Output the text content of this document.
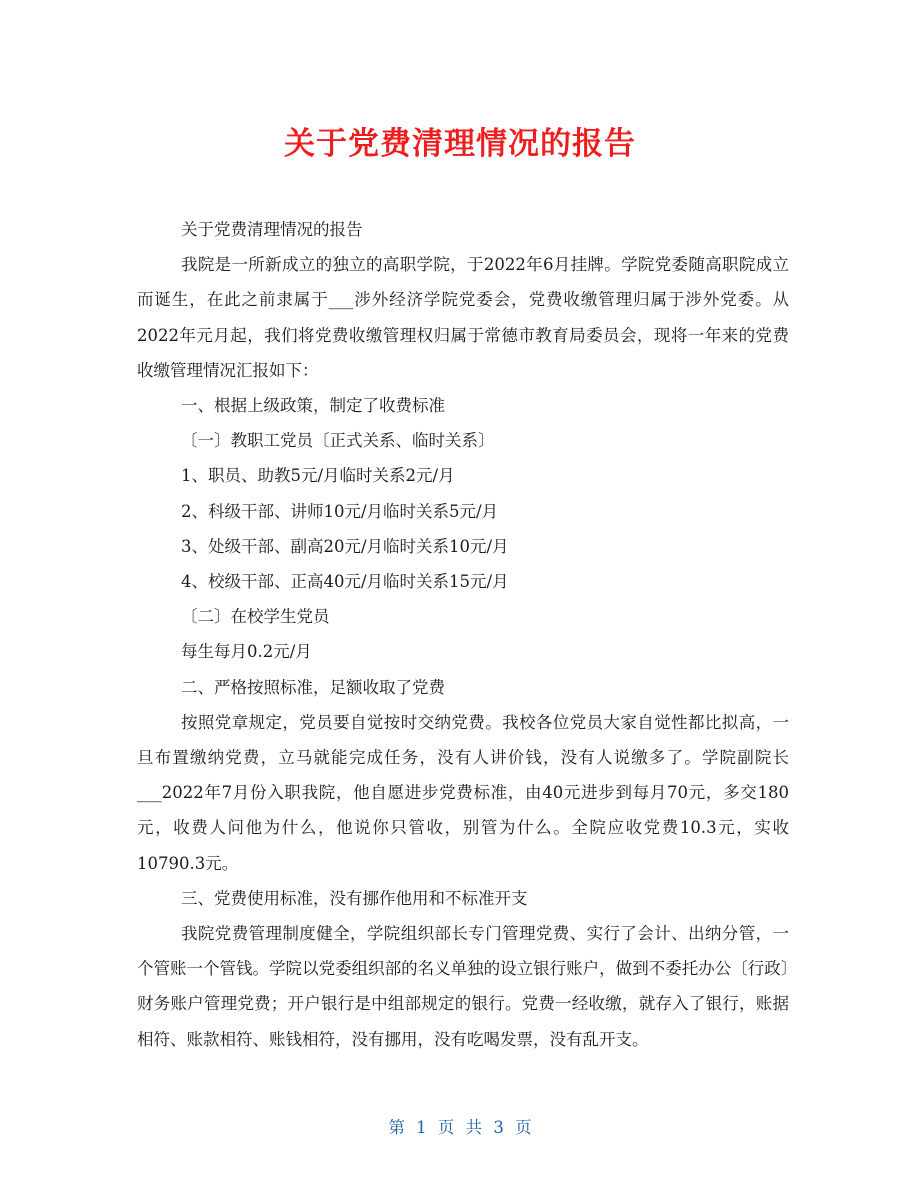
关于党费清理情况的报告

关于党费清理情况的报告

我院是一所新成立的独立的高职学院，于2022年6月挂牌。学院党委随高职院成立而诞生，在此之前隶属于___涉外经济学院党委会，党费收缴管理归属于涉外党委。从2022年元月起，我们将党费收缴管理权归属于常德市教育局委员会，现将一年来的党费收缴管理情况汇报如下：

一、根据上级政策，制定了收费标准

〔一〕教职工党员〔正式关系、临时关系〕

1、职员、助教5元/月临时关系2元/月

2、科级干部、讲师10元/月临时关系5元/月

3、处级干部、副高20元/月临时关系10元/月

4、校级干部、正高40元/月临时关系15元/月

〔二〕在校学生党员

每生每月0.2元/月

二、严格按照标准，足额收取了党费

按照党章规定，党员要自觉按时交纳党费。我校各位党员大家自觉性都比拟高，一旦布置缴纳党费，立马就能完成任务，没有人讲价钱，没有人说缴多了。学院副院长___2022年7月份入职我院，他自愿进步党费标准，由40元进步到每月70元，多交180元，收费人问他为什么，他说你只管收，别管为什么。全院应收党费10.3元，实收10790.3元。

三、党费使用标准，没有挪作他用和不标准开支

我院党费管理制度健全，学院组织部长专门管理党费、实行了会计、出纳分管，一个管账一个管钱。学院以党委组织部的名义单独的设立银行账户，做到不委托办公〔行政〕财务账户管理党费；开户银行是中组部规定的银行。党费一经收缴，就存入了银行，账据相符、账款相符、账钱相符，没有挪用，没有吃喝发票，没有乱开支。

第 1 页 共 3 页
